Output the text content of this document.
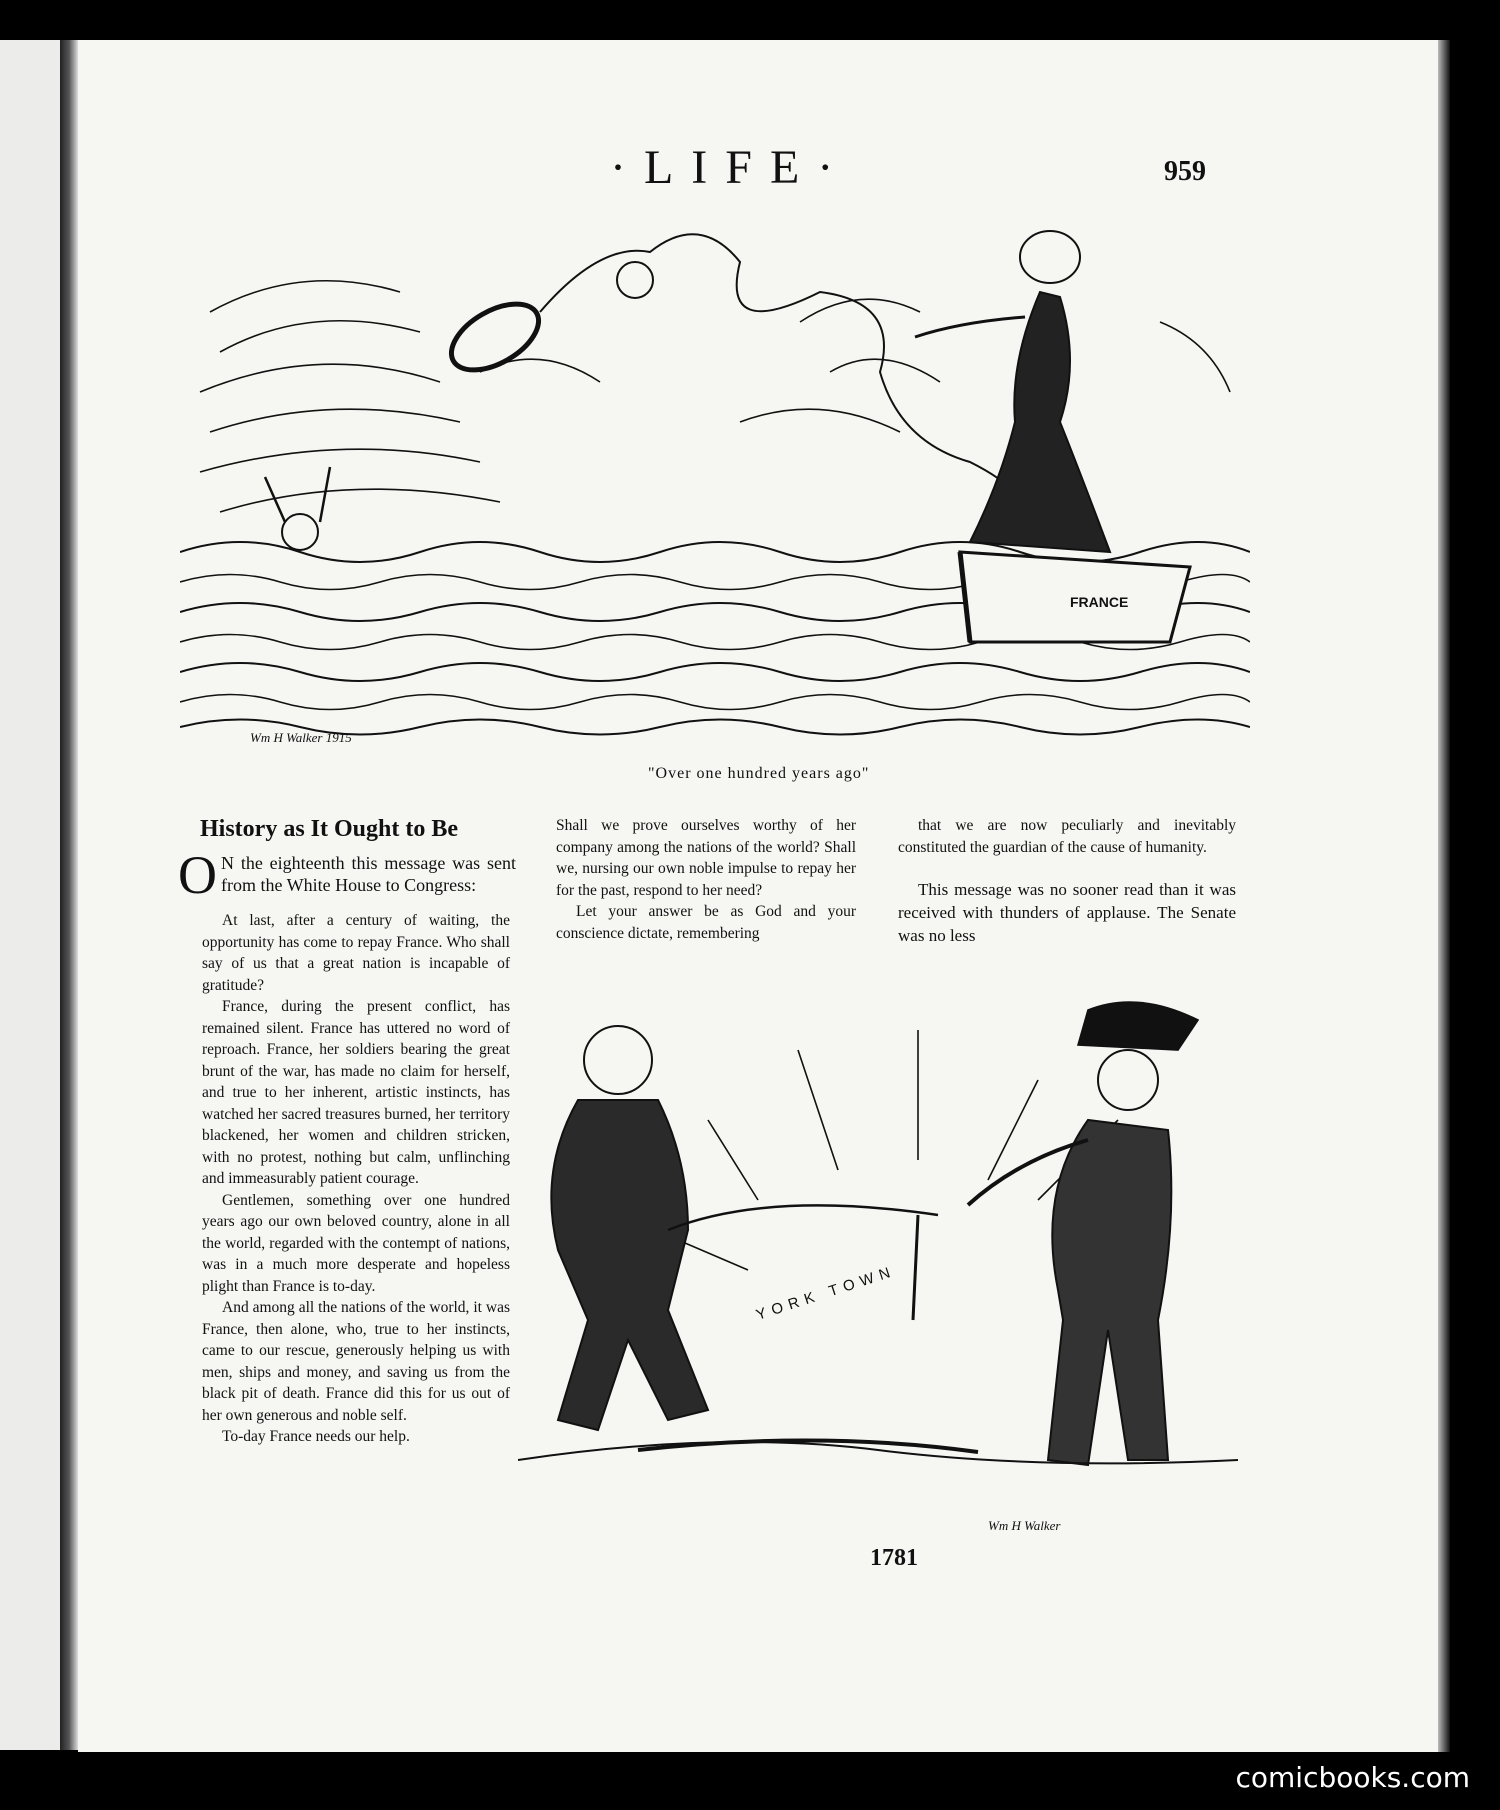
·LIFE·	959
FRANCE
Wm H Walker 1915
"Over one hundred years ago"
History as It Ought to Be

O N the eighteenth this message was sent from the White House to Congress:

At last, after a century of waiting, the opportunity has come to repay France. Who shall say of us that a great nation is incapable of gratitude?

France, during the present conflict, has remained silent. France has uttered no word of reproach. France, her soldiers bearing the great brunt of the war, has made no claim for herself, and true to her inherent, artistic instincts, has watched her sacred treasures burned, her territory blackened, her women and children stricken, with no protest, nothing but calm, unflinching and immeasurably patient courage.

Gentlemen, something over one hundred years ago our own beloved country, alone in all the world, regarded with the contempt of nations, was in a much more desperate and hopeless plight than France is to-day.

And among all the nations of the world, it was France, then alone, who, true to her instincts, came to our rescue, generously helping us with men, ships and money, and saving us from the black pit of death. France did this for us out of her own generous and noble self.

To-day France needs our help.

Shall we prove ourselves worthy of her company among the nations of the world? Shall we, nursing our own noble impulse to repay her for the past, respond to her need?

Let your answer be as God and your conscience dictate, remembering

that we are now peculiarly and inevitably constituted the guardian of the cause of humanity.

This message was no sooner read than it was received with thunders of applause. The Senate was no less

YORK TOWN
Wm H Walker
1781
comicbooks.com
